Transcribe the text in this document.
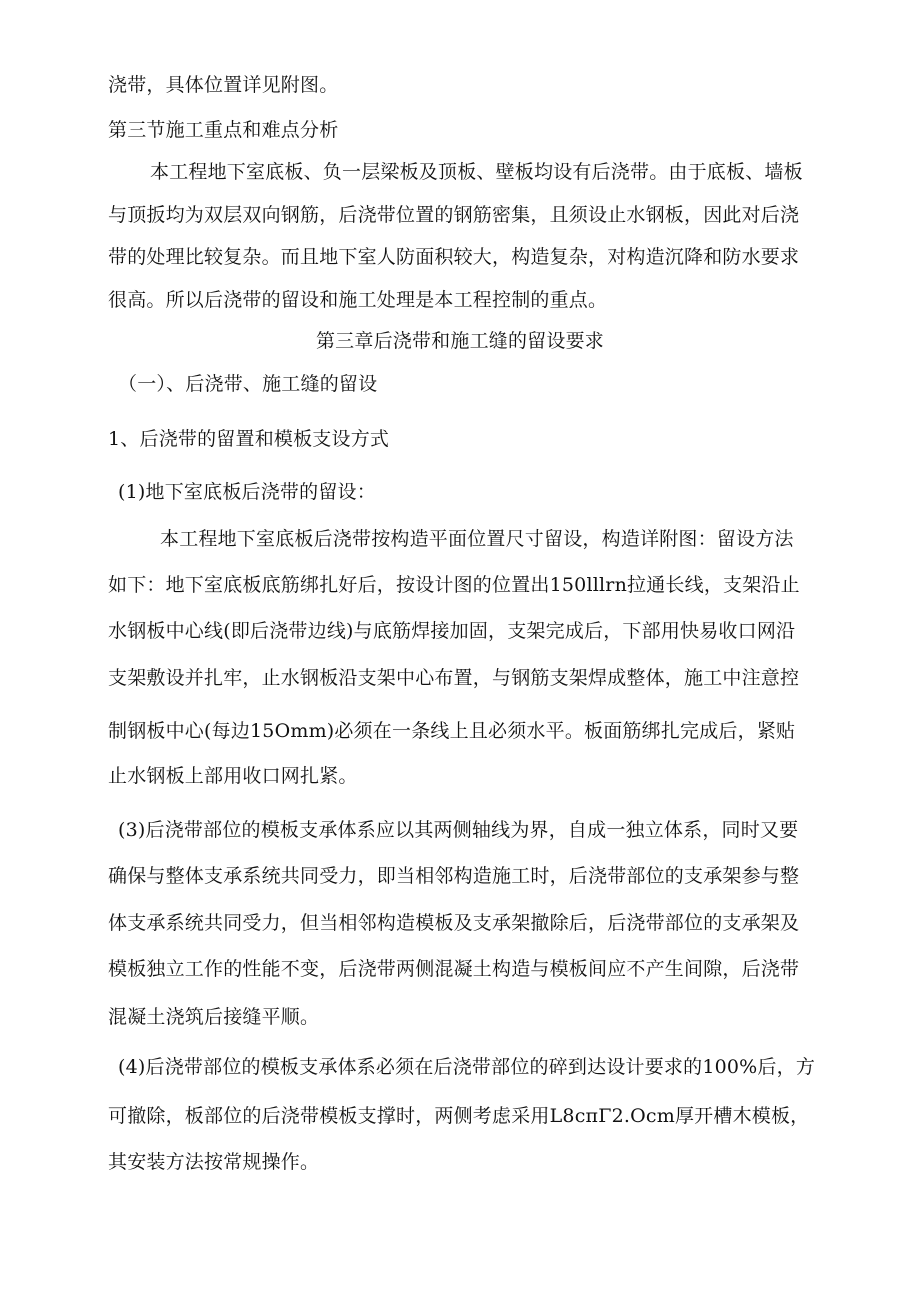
浇带，具体位置详见附图。
第三节施工重点和难点分析
本工程地下室底板、负一层梁板及顶板、壁板均设有后浇带。由于底板、墙板
与顶扳均为双层双向钢筋，后浇带位置的钢筋密集，且须设止水钢板，因此对后浇
带的处理比较复杂。而且地下室人防面积较大，构造复杂，对构造沉降和防水要求
很高。所以后浇带的留设和施工处理是本工程控制的重点。
第三章后浇带和施工缝的留设要求
（一）、后浇带、施工缝的留设
1、后浇带的留置和模板支设方式
(1)地下室底板后浇带的留设：
本工程地下室底板后浇带按构造平面位置尺寸留设，构造详附图：留设方法
如下：地下室底板底筋绑扎好后，按设计图的位置出150lllrn拉通长线，支架沿止
水钢板中心线(即后浇带边线)与底筋焊接加固，支架完成后，下部用快易收口网沿
支架敷设并扎牢，止水钢板沿支架中心布置，与钢筋支架焊成整体，施工中注意控
制钢板中心(每边15Omm)必须在一条线上且必须水平。板面筋绑扎完成后，紧贴
止水钢板上部用收口网扎紧。
(3)后浇带部位的模板支承体系应以其两侧轴线为界，自成一独立体系，同时又要
确保与整体支承系统共同受力，即当相邻构造施工时，后浇带部位的支承架参与整
体支承系统共同受力，但当相邻构造模板及支承架撤除后，后浇带部位的支承架及
模板独立工作的性能不变，后浇带两侧混凝土构造与模板间应不产生间隙，后浇带
混凝土浇筑后接缝平顺。
(4)后浇带部位的模板支承体系必须在后浇带部位的碎到达设计要求的100%后，方
可撤除，板部位的后浇带模板支撑时，两侧考虑采用L8cπΓ2.Ocm厚开槽木模板，
其安装方法按常规操作。
